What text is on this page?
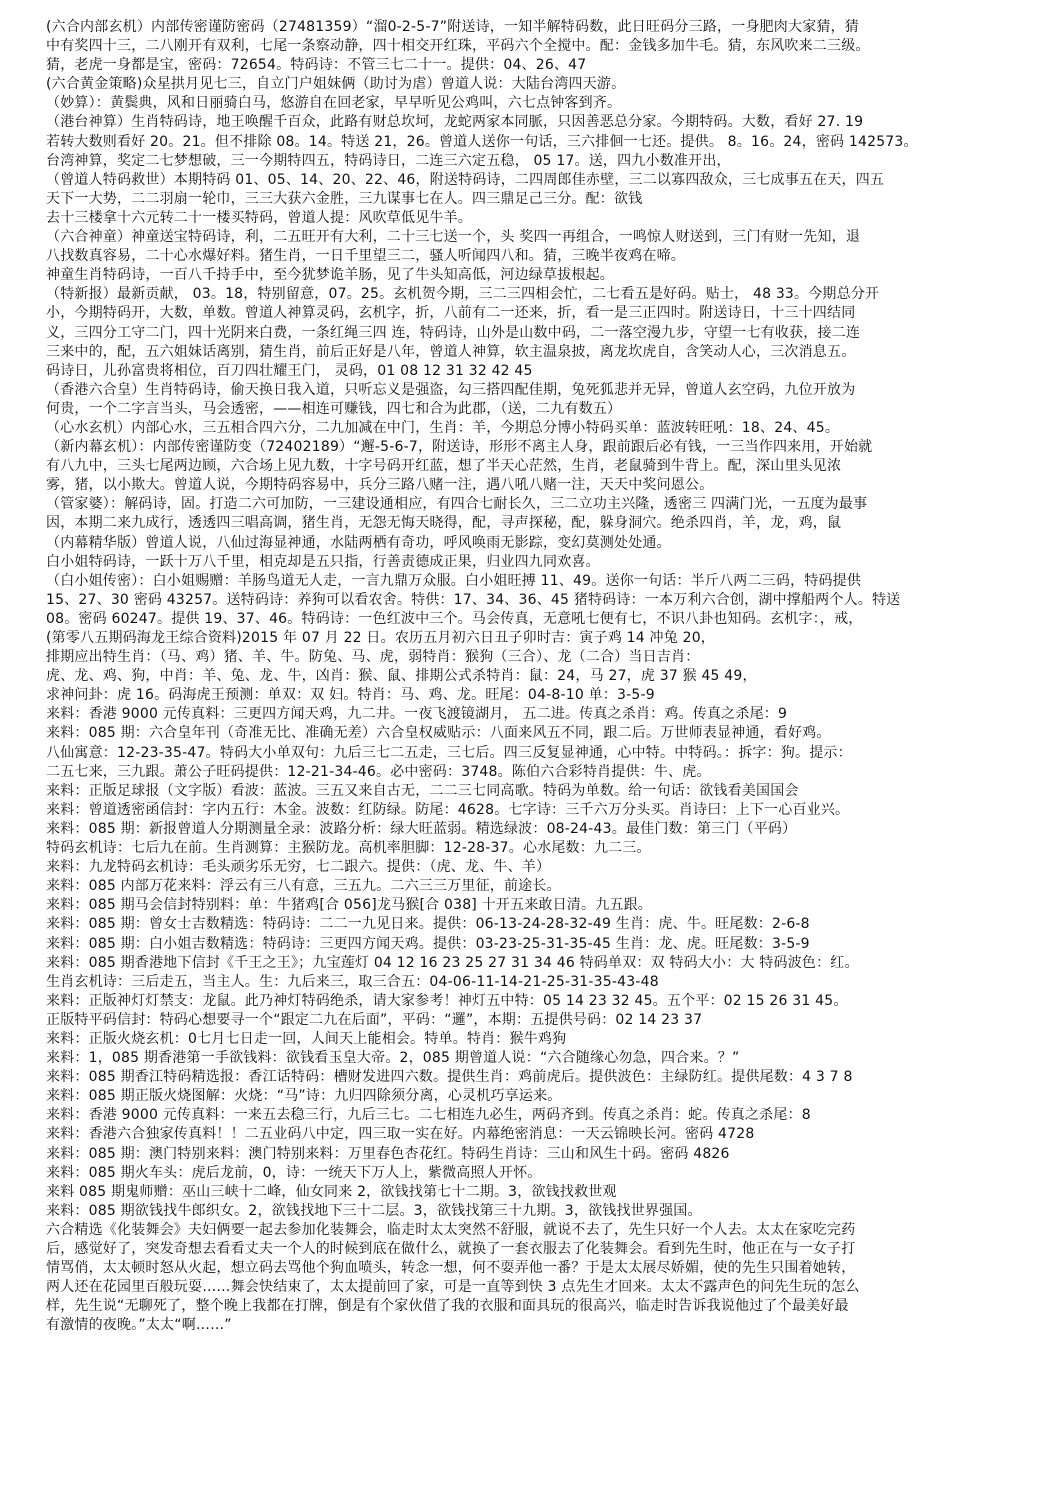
(六合内部玄机）内部传密谨防密码（27481359）“溜0-2-5-7”附送诗，一知半解特码数，此日旺码分三路，一身肥肉大家猜，猜
中有奖四十三，二八刚开有双利，七尾一条察动静，四十相交开红珠，平码六个全搅中。配：金钱多加牛毛。猜，东风吹来二三级。
猜，老虎一身都是宝，密码：72654。特码诗：不管三七二十一。提供：04、26、47
(六合黄金策略)众星拱月见七三，自立门户姐妹俩（助讨为虐）曾道人说：大陆台湾四天游。
（妙算）：黄鬓典，风和日丽骑白马，悠游自在回老家，早早听见公鸡叫，六七点钟客到齐。
（港台神算）生肖特码诗，地王唤醒千百众，此路有财总坎坷，龙蛇两家本同脈，只因善恶总分家。今期特码。大数，看好 27. 19
若转大数则看好 20。21。但不排除 08。14。特送 21，26。曾道人送你一句话，三六排佪一七还。提供。 8。16。24，密码 142573。
台湾神算，奖定二七梦想破，三一今期特四五，特码诗日，二连三六定五稳， 05 17。送，四九小数准开出，
（曾道人特码救世）本期特码 01、05、14、20、22、46，附送特码诗，二四周郎佳赤壁，三二以寡四敌众，三七成事五在天，四五
天下一大势，二二羽扇一轮巾，三三大获六金胜，三九谋事七在人。四三鼎足己三分。配：欲钱
去十三楼拿十六元转二十一楼买特码，曾道人提：风吹草低见牛羊。
（六合神童）神童送宝特码诗，利，二五旺开有大利，二十三七送一个，头 奖四一再组合，一鸣惊人财送到，三门有财一先知，退
八找数真容易，二十心水爆好料。猪生肖，一日千里望三二，骚人听闻四八和。猜，三晚半夜鸡在啼。
神童生肖特码诗，一百八千持手中，至今犹梦诡羊肠，见了牛头知高低，河边绿草拔根起。
（特新报）最新贡献， 03。18，特别留意，07。25。玄机贺今期，三二三四相会忙，二七看五是好码。贴士， 48 33。今期总分开
小，今期特码开，大数，单数。曾道人神算灵码，玄机字，折，八前有二一还来，折，看一是三正四时。附送诗日，十三十四结同
义，三四分工守二门，四十光阴来白费，一条红绳三四 连，特码诗，山外是山数中码，二一落空漫九步，守望一七有收获，接二连
三来中的，配，五六姐妹话离别，猜生肖，前后正好是八年，曾道人神算，软主温泉披，离龙坎虎自，含笑动人心，三次消息五。
码诗日，儿孙富贵将相位，百刀四壮耀王门， 灵码，01 08 12 31 32 42 45
（香港六合皇）生肖特码诗，偷天换日我入道，只听忘义是强盗，勾三搭四配佳期，兔死狐悲并无异，曾道人玄空码，九位开放为
何贵，一个二字言当头，马会透密，——相连可赚钱，四七和合为此郡，（送，二九有数五）
（心水玄机）内部心水，三五相合四六分，二九加减在中门，生肖：羊，今期总分博小特码买单：蓝波转旺吼：18、24、45。
（新内幕玄机）：内部传密谨防变（72402189）“邂-5-6-7，附送诗，形形不离主人身，跟前跟后必有钱，一三当作四来用，开始就
有八九中，三头七尾两边顾，六合场上见九数，十字号码开红蓝，想了半天心茫然，生肖，老鼠骑到牛背上。配，深山里头见浓
雾，猪，以小欺大。曾道人说，今期特码容易中，兵分三路八赌一注，遇八吼八赌一注，天天中奖问恩公。
（管家婆）：解码诗，固。打造二六可加防，一三建设通相应，有四合七耐长久，三二立功主兴隆，透密三 四满门光，一五度为最事
因，本期二来九成行，透透四三唱高调，猪生肖，无怨无悔天晓得，配，寻声探秘，配，躲身洞穴。绝杀四肖，羊，龙，鸡，鼠
（内幕精华版）曾道人说，八仙过海显神通，水陆两栖有奇功，呼风唤雨无影踪，变幻莫测处处通。
白小姐特码诗，一跃十万八千里，相克却是五只指，行善责德成正果，归业四九同欢喜。
（白小姐传密）：白小姐赐赠：羊肠鸟道无人走，一言九鼎万众服。白小姐旺搏 11、49。送你一句话：半斤八两二三码，特码提供
15、27、30 密码 43257。送特码诗：养狗可以看农舍。特供：17、34、36、45 猪特码诗：一本万利六合创，湖中撑船两个人。特送
08。密码 60247。提供 19、37、46。特码诗：一色红波中三个。马会传真，无意吼七便有七，不识八卦也知码。玄机字：，戒，
(第零八五期码海龙王综合资料)2015 年 07 月 22 日。农历五月初六日丑子卯时吉：寅子鸡 14 冲兔 20，
排期应出特生肖：（马、鸡）猪、羊、牛。防兔、马、虎，弱特肖：猴狗（三合）、龙（二合）当日吉肖：
虎、龙、鸡、狗，中肖：羊、兔、龙、牛，凶肖：猴、鼠、排期公式杀特肖：鼠：24，马 27，虎 37 猴 45 49，
求神问卦：虎 16。码海虎王预测：单双：双 妇。特肖：马、鸡、龙。旺尾：04-8-10 单：3-5-9
来料：香港 9000 元传真料：三更四方闻天鸡，九二井。一夜飞渡镜湖月， 五二进。传真之杀肖：鸡。传真之杀尾：9
来料：085 期：六合皇年刊（奇准无比、准确无差）六合皇权威贴示：八面来风五不同，跟二后。万世师表显神通，看好鸡。
八仙寓意：12-23-35-47。特码大小单双句：九后三七二五走，三七后。四三反复显神通，心中特。中特码。：拆字：狗。提示：
二五七来，三九跟。萧公子旺码提供：12-21-34-46。必中密码：3748。陈伯六合彩特肖提供：牛、虎。
来料：正版足球报（文字版）看波：蓝波。三五又来自古无，二二三七同高歌。特码为单数。给一句话：欲钱看美国国会
来料：曾道透密函信封：字内五行：木金。波数：红防绿。防尾：4628。七字诗：三千六万分头买。肖诗曰：上下一心百业兴。
来料：085 期：新报曾道人分期测量全录：波路分析：绿大旺蓝弱。精选绿波：08-24-43。最佳门数：第三门（平码）
特码玄机诗：七后九在前。生肖测算：主猴防龙。高机率胆脚：12-28-37。心水尾数：九二三。
来料：九龙特码玄机诗：毛头顽劣乐无穷，七二跟六。提供：（虎、龙、牛、羊）
来料：085 内部万花来料：浮云有三八有意，三五九。二六三三万里征，前途长。
来料：085 期马会信封特别料：单：牛猪鸡[合 056]龙马猴[合 038] 十开五来敢日清。九五跟。
来料：085 期：曾女士吉数精选：特码诗：二二一九见日来。提供：06-13-24-28-32-49 生肖：虎、牛。旺尾数：2-6-8
来料：085 期：白小姐吉数精选：特码诗：三更四方闻天鸡。提供：03-23-25-31-35-45 生肖：龙、虎。旺尾数：3-5-9
来料：085 期香港地下信封《千王之王》；九宝莲灯 04 12 16 23 25 27 31 34 46 特码单双：双 特码大小：大 特码波色：红。
生肖玄机诗：三后走五，当主人。生：九后来三，取三合五：04-06-11-14-21-25-31-35-43-48
来料：正版神灯灯禁支：龙鼠。此乃神灯特码绝杀，请大家参考！神灯五中特：05 14 23 32 45。五个平：02 15 26 31 45。
正版特平码信封：特码心想要寻一个“跟定二九在后面”，平码：“邏”，本期：五提供号码：02 14 23 37
来料：正版火烧玄机：0七月七日走一回，人间天上能相会。特单。特肖：猴牛鸡狗
来料：1，085 期香港第一手欲钱料：欲钱看玉皇大帝。2，085 期曾道人说：“六合随缘心勿急，四合来。？”
来料：085 期香江特码精选报：香江话特码：槽财发进四六数。提供生肖：鸡前虎后。提供波色：主绿防红。提供尾数：4 3 7 8
来料：085 期正版火烧图解：火烧：“马”诗：九归四除须分离，心灵机巧享运来。
来料：香港 9000 元传真料：一来五去稳三行，九后三七。二七相连九必生，两码齐到。传真之杀肖：蛇。传真之杀尾：8
来料：香港六合独家传真料！！二五业码八中定，四三取一实在好。内幕绝密消息：一天云锦映长河。密码 4728
来料：085 期：澳门特别来料：澳门特别来料：万里春色杏花红。特码生肖诗：三山和风生十码。密码 4826
来料：085 期火车头：虎后龙前，0，诗：一统天下万人上，紫微高照人开怀。
来料 085 期鬼师赠：巫山三峡十二峰，仙女同来 2，欲钱找第七十二期。3，欲钱找救世观
来料：085 期欲钱找牛郎织女。2，欲钱找地下三十二层。3，欲钱找第三十九期。3，欲钱找世界强国。
六合精选《化装舞会》夫妇俩要一起去参加化装舞会，临走时太太突然不舒服，就说不去了，先生只好一个人去。太太在家吃完药
后，感觉好了，突发奇想去看看丈夫一个人的时候到底在做什么，就换了一套衣服去了化装舞会。看到先生时，他正在与一女子打
情骂俏，太太顿时怒从火起，想立码去骂他个狗血喷头，转念一想，何不耍弄他一番？于是太太展尽娇媚，使的先生只围着她转，
两人还在花园里百般玩耍……舞会快结束了，太太提前回了家，可是一直等到快 3 点先生才回来。太太不露声色的问先生玩的怎么
样，先生说“无聊死了，整个晚上我都在打牌，倒是有个家伙借了我的衣服和面具玩的很高兴，临走时告诉我说他过了个最美好最
有激情的夜晚。”太太“啊……”
